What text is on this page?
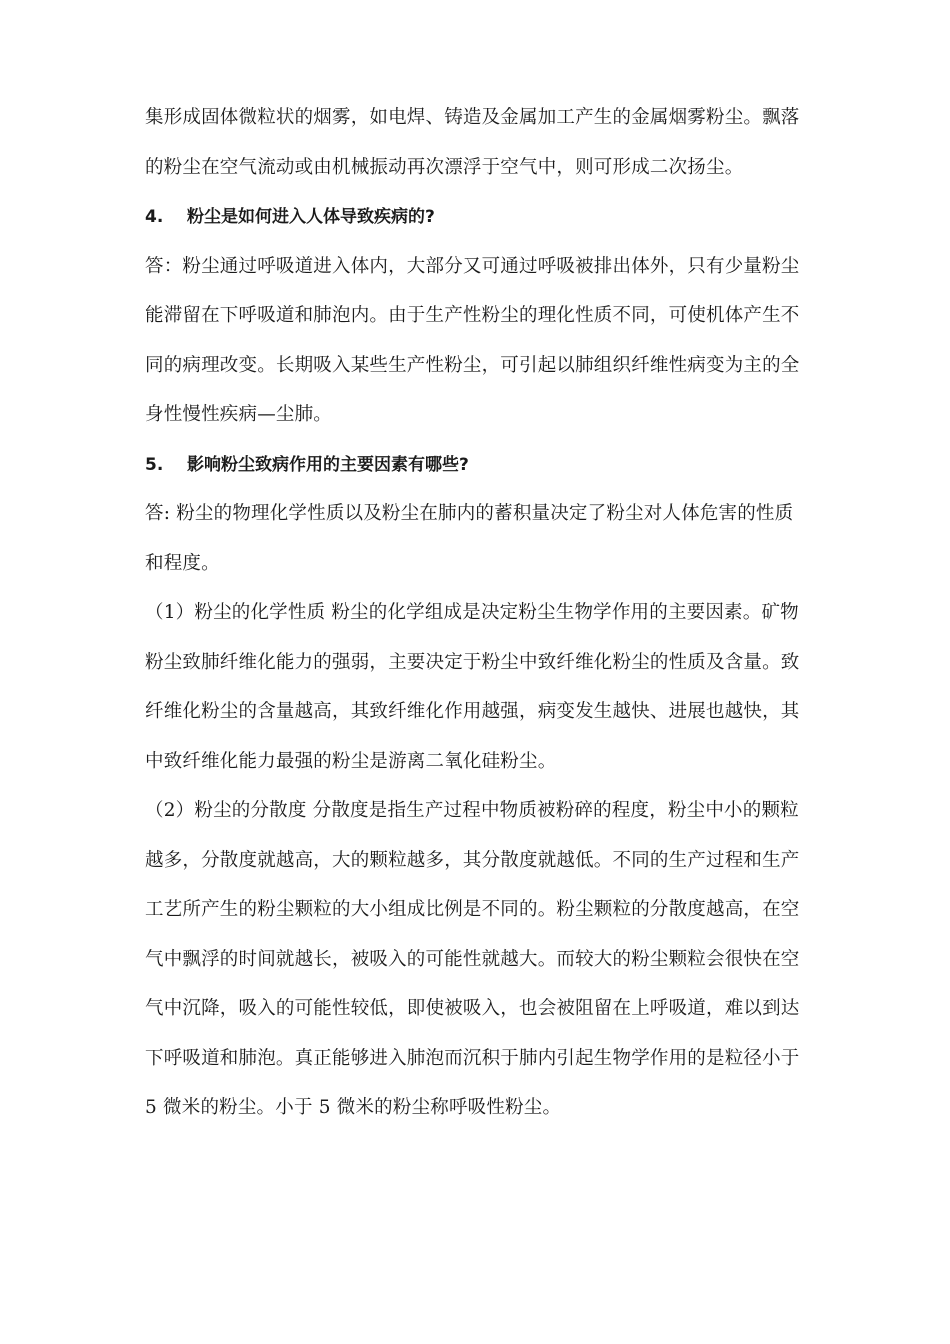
集形成固体微粒状的烟雾，如电焊、铸造及金属加工产生的金属烟雾粉尘。飘落
的粉尘在空气流动或由机械振动再次漂浮于空气中，则可形成二次扬尘。
4. 粉尘是如何进入人体导致疾病的?
答：粉尘通过呼吸道进入体内，大部分又可通过呼吸被排出体外，只有少量粉尘
能滞留在下呼吸道和肺泡内。由于生产性粉尘的理化性质不同，可使机体产生不
同的病理改变。长期吸入某些生产性粉尘，可引起以肺组织纤维性病变为主的全
身性慢性疾病—尘肺。
5. 影响粉尘致病作用的主要因素有哪些?
答: 粉尘的物理化学性质以及粉尘在肺内的蓄积量决定了粉尘对人体危害的性质
和程度。
（1）粉尘的化学性质 粉尘的化学组成是决定粉尘生物学作用的主要因素。矿物
粉尘致肺纤维化能力的强弱，主要决定于粉尘中致纤维化粉尘的性质及含量。致
纤维化粉尘的含量越高，其致纤维化作用越强，病变发生越快、进展也越快，其
中致纤维化能力最强的粉尘是游离二氧化硅粉尘。
（2）粉尘的分散度 分散度是指生产过程中物质被粉碎的程度，粉尘中小的颗粒
越多，分散度就越高，大的颗粒越多，其分散度就越低。不同的生产过程和生产
工艺所产生的粉尘颗粒的大小组成比例是不同的。粉尘颗粒的分散度越高，在空
气中飘浮的时间就越长，被吸入的可能性就越大。而较大的粉尘颗粒会很快在空
气中沉降，吸入的可能性较低，即使被吸入，也会被阻留在上呼吸道，难以到达
下呼吸道和肺泡。真正能够进入肺泡而沉积于肺内引起生物学作用的是粒径小于
5 微米的粉尘。小于 5 微米的粉尘称呼吸性粉尘。
